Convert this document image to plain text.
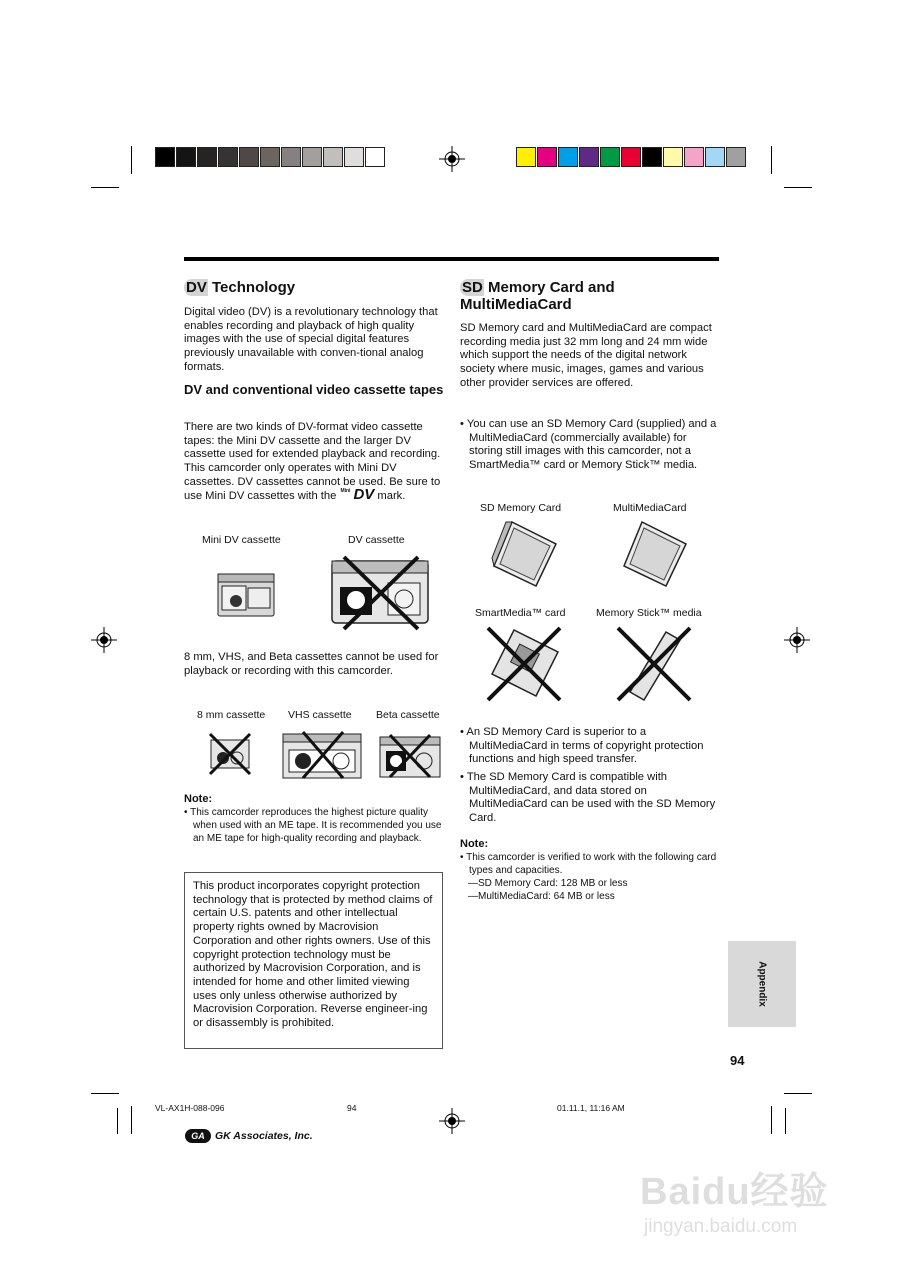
DV Technology
Digital video (DV) is a revolutionary technology that enables recording and playback of high quality images with the use of special digital features previously unavailable with conven-tional analog formats.
DV and conventional video cassette tapes
There are two kinds of DV-format video cassette tapes: the Mini DV cassette and the larger DV cassette used for extended playback and recording. This camcorder only operates with Mini DV cassettes. DV cassettes cannot be used. Be sure to use Mini DV cassettes with the Mini DV mark.
Mini DV cassette	DV cassette
8 mm, VHS, and Beta cassettes cannot be used for playback or recording with this camcorder.
8 mm cassette VHS cassette Beta cassette
Note:
• This camcorder reproduces the highest picture quality when used with an ME tape. It is recommended you use an ME tape for high-quality recording and playback.
This product incorporates copyright protection technology that is protected by method claims of certain U.S. patents and other intellectual property rights owned by Macrovision Corporation and other rights owners. Use of this copyright protection technology must be authorized by Macrovision Corporation, and is intended for home and other limited viewing uses only unless otherwise authorized by Macrovision Corporation. Reverse engineer-ing or disassembly is prohibited.
SD Memory Card and
MultiMediaCard
SD Memory card and MultiMediaCard are compact recording media just 32 mm long and 24 mm wide which support the needs of the digital network society where music, images, games and various other provider services are offered.
• You can use an SD Memory Card (supplied) and a MultiMediaCard (commercially available) for storing still images with this camcorder, not a SmartMedia™ card or Memory Stick™ media.
SD Memory Card	MultiMediaCard
SmartMedia™ card	Memory Stick™ media
• An SD Memory Card is superior to a MultiMediaCard in terms of copyright protection functions and high speed transfer.
• The SD Memory Card is compatible with MultiMediaCard, and data stored on MultiMediaCard can be used with the SD Memory Card.
Note:
• This camcorder is verified to work with the following card types and capacities.
—SD Memory Card: 128 MB or less
—MultiMediaCard: 64 MB or less
Appendix
94
VL-AX1H-088-096	94	01.11.1, 11:16 AM
GA GK Associates, Inc.
Baidu经验
jingyan.baidu.com
